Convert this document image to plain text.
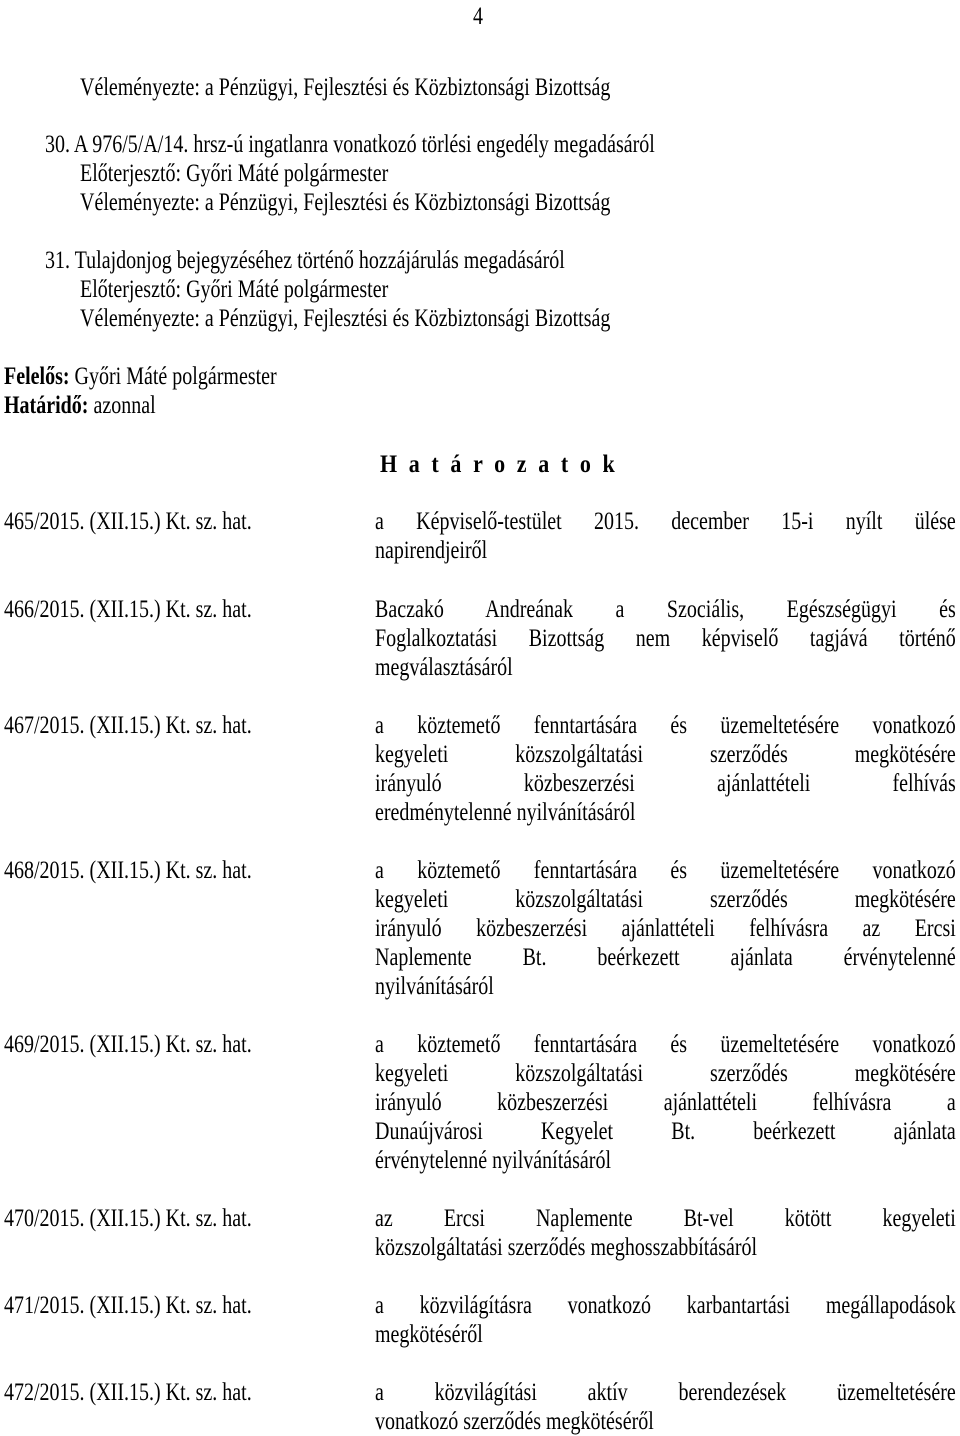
4
Véleményezte: a Pénzügyi, Fejlesztési és Közbiztonsági Bizottság
30. A 976/5/A/14. hrsz-ú ingatlanra vonatkozó törlési engedély megadásáról
Előterjesztő: Győri Máté polgármester
Véleményezte: a Pénzügyi, Fejlesztési és Közbiztonsági Bizottság
31. Tulajdonjog bejegyzéséhez történő hozzájárulás megadásáról
Előterjesztő: Győri Máté polgármester
Véleményezte: a Pénzügyi, Fejlesztési és Közbiztonsági Bizottság
Felelős: Győri Máté polgármester
Határidő: azonnal
H a t á r o z a t o k
465/2015. (XII.15.) Kt. sz. hat.	a Képviselő-testület 2015. december 15-i nyílt ülése
napirendjeiről
466/2015. (XII.15.) Kt. sz. hat.	Baczakó Andreának a Szociális, Egészségügyi és
Foglalkoztatási Bizottság nem képviselő tagjává történő
megválasztásáról
467/2015. (XII.15.) Kt. sz. hat.	a köztemető fenntartására és üzemeltetésére vonatkozó
kegyeleti közszolgáltatási szerződés megkötésére
irányuló közbeszerzési ajánlattételi felhívás
eredménytelenné nyilvánításáról
468/2015. (XII.15.) Kt. sz. hat.	a köztemető fenntartására és üzemeltetésére vonatkozó
kegyeleti közszolgáltatási szerződés megkötésére
irányuló közbeszerzési ajánlattételi felhívásra az Ercsi
Naplemente Bt. beérkezett ajánlata érvénytelenné
nyilvánításáról
469/2015. (XII.15.) Kt. sz. hat.	a köztemető fenntartására és üzemeltetésére vonatkozó
kegyeleti közszolgáltatási szerződés megkötésére
irányuló közbeszerzési ajánlattételi felhívásra a
Dunaújvárosi Kegyelet Bt. beérkezett ajánlata
érvénytelenné nyilvánításáról
470/2015. (XII.15.) Kt. sz. hat.	az Ercsi Naplemente Bt-vel kötött kegyeleti
közszolgáltatási szerződés meghosszabbításáról
471/2015. (XII.15.) Kt. sz. hat.	a közvilágításra vonatkozó karbantartási megállapodások
megkötéséről
472/2015. (XII.15.) Kt. sz. hat.	a közvilágítási aktív berendezések üzemeltetésére
vonatkozó szerződés megkötéséről
